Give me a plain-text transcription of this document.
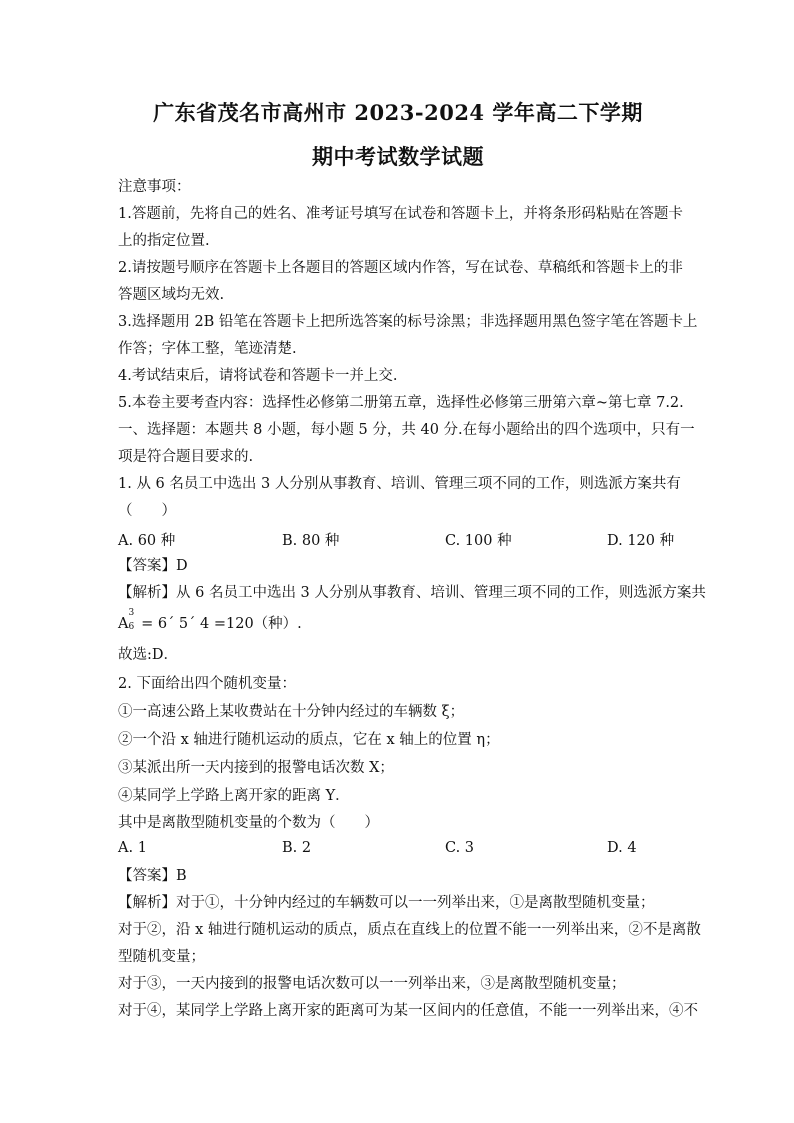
广东省茂名市高州市 2023-2024 学年高二下学期
期中考试数学试题
注意事项：
1.答题前，先将自己的姓名、准考证号填写在试卷和答题卡上，并将条形码粘贴在答题卡
上的指定位置.
2.请按题号顺序在答题卡上各题目的答题区域内作答，写在试卷、草稿纸和答题卡上的非
答题区域均无效.
3.选择题用 2B 铅笔在答题卡上把所选答案的标号涂黑；非选择题用黑色签字笔在答题卡上
作答；字体工整，笔迹清楚.
4.考试结束后，请将试卷和答题卡一并上交.
5.本卷主要考查内容：选择性必修第二册第五章，选择性必修第三册第六章~第七章 7.2.
一、选择题：本题共 8 小题，每小题 5 分，共 40 分.在每小题给出的四个选项中，只有一
项是符合题目要求的.
1. 从 6 名员工中选出 3 人分别从事教育、培训、管理三项不同的工作，则选派方案共有
（　　）
A. 60 种	B. 80 种	C. 100 种	D. 120 种
【答案】D
【解析】从 6 名员工中选出 3 人分别从事教育、培训、管理三项不同的工作，则选派方案共
A
3
6 = 6´ 5´ 4 =120（种）.
故选:D．
2. 下面给出四个随机变量：
①一高速公路上某收费站在十分钟内经过的车辆数 ξ；
②一个沿 x 轴进行随机运动的质点，它在 x 轴上的位置 η；
③某派出所一天内接到的报警电话次数 X；
④某同学上学路上离开家的距离 Y．
其中是离散型随机变量的个数为（　　）
A. 1	B. 2	C. 3	D. 4
【答案】B
【解析】对于①，十分钟内经过的车辆数可以一一列举出来，①是离散型随机变量；
对于②，沿 x 轴进行随机运动的质点，质点在直线上的位置不能一一列举出来，②不是离散
型随机变量；
对于③，一天内接到的报警电话次数可以一一列举出来，③是离散型随机变量；
对于④，某同学上学路上离开家的距离可为某一区间内的任意值，不能一一列举出来，④不
